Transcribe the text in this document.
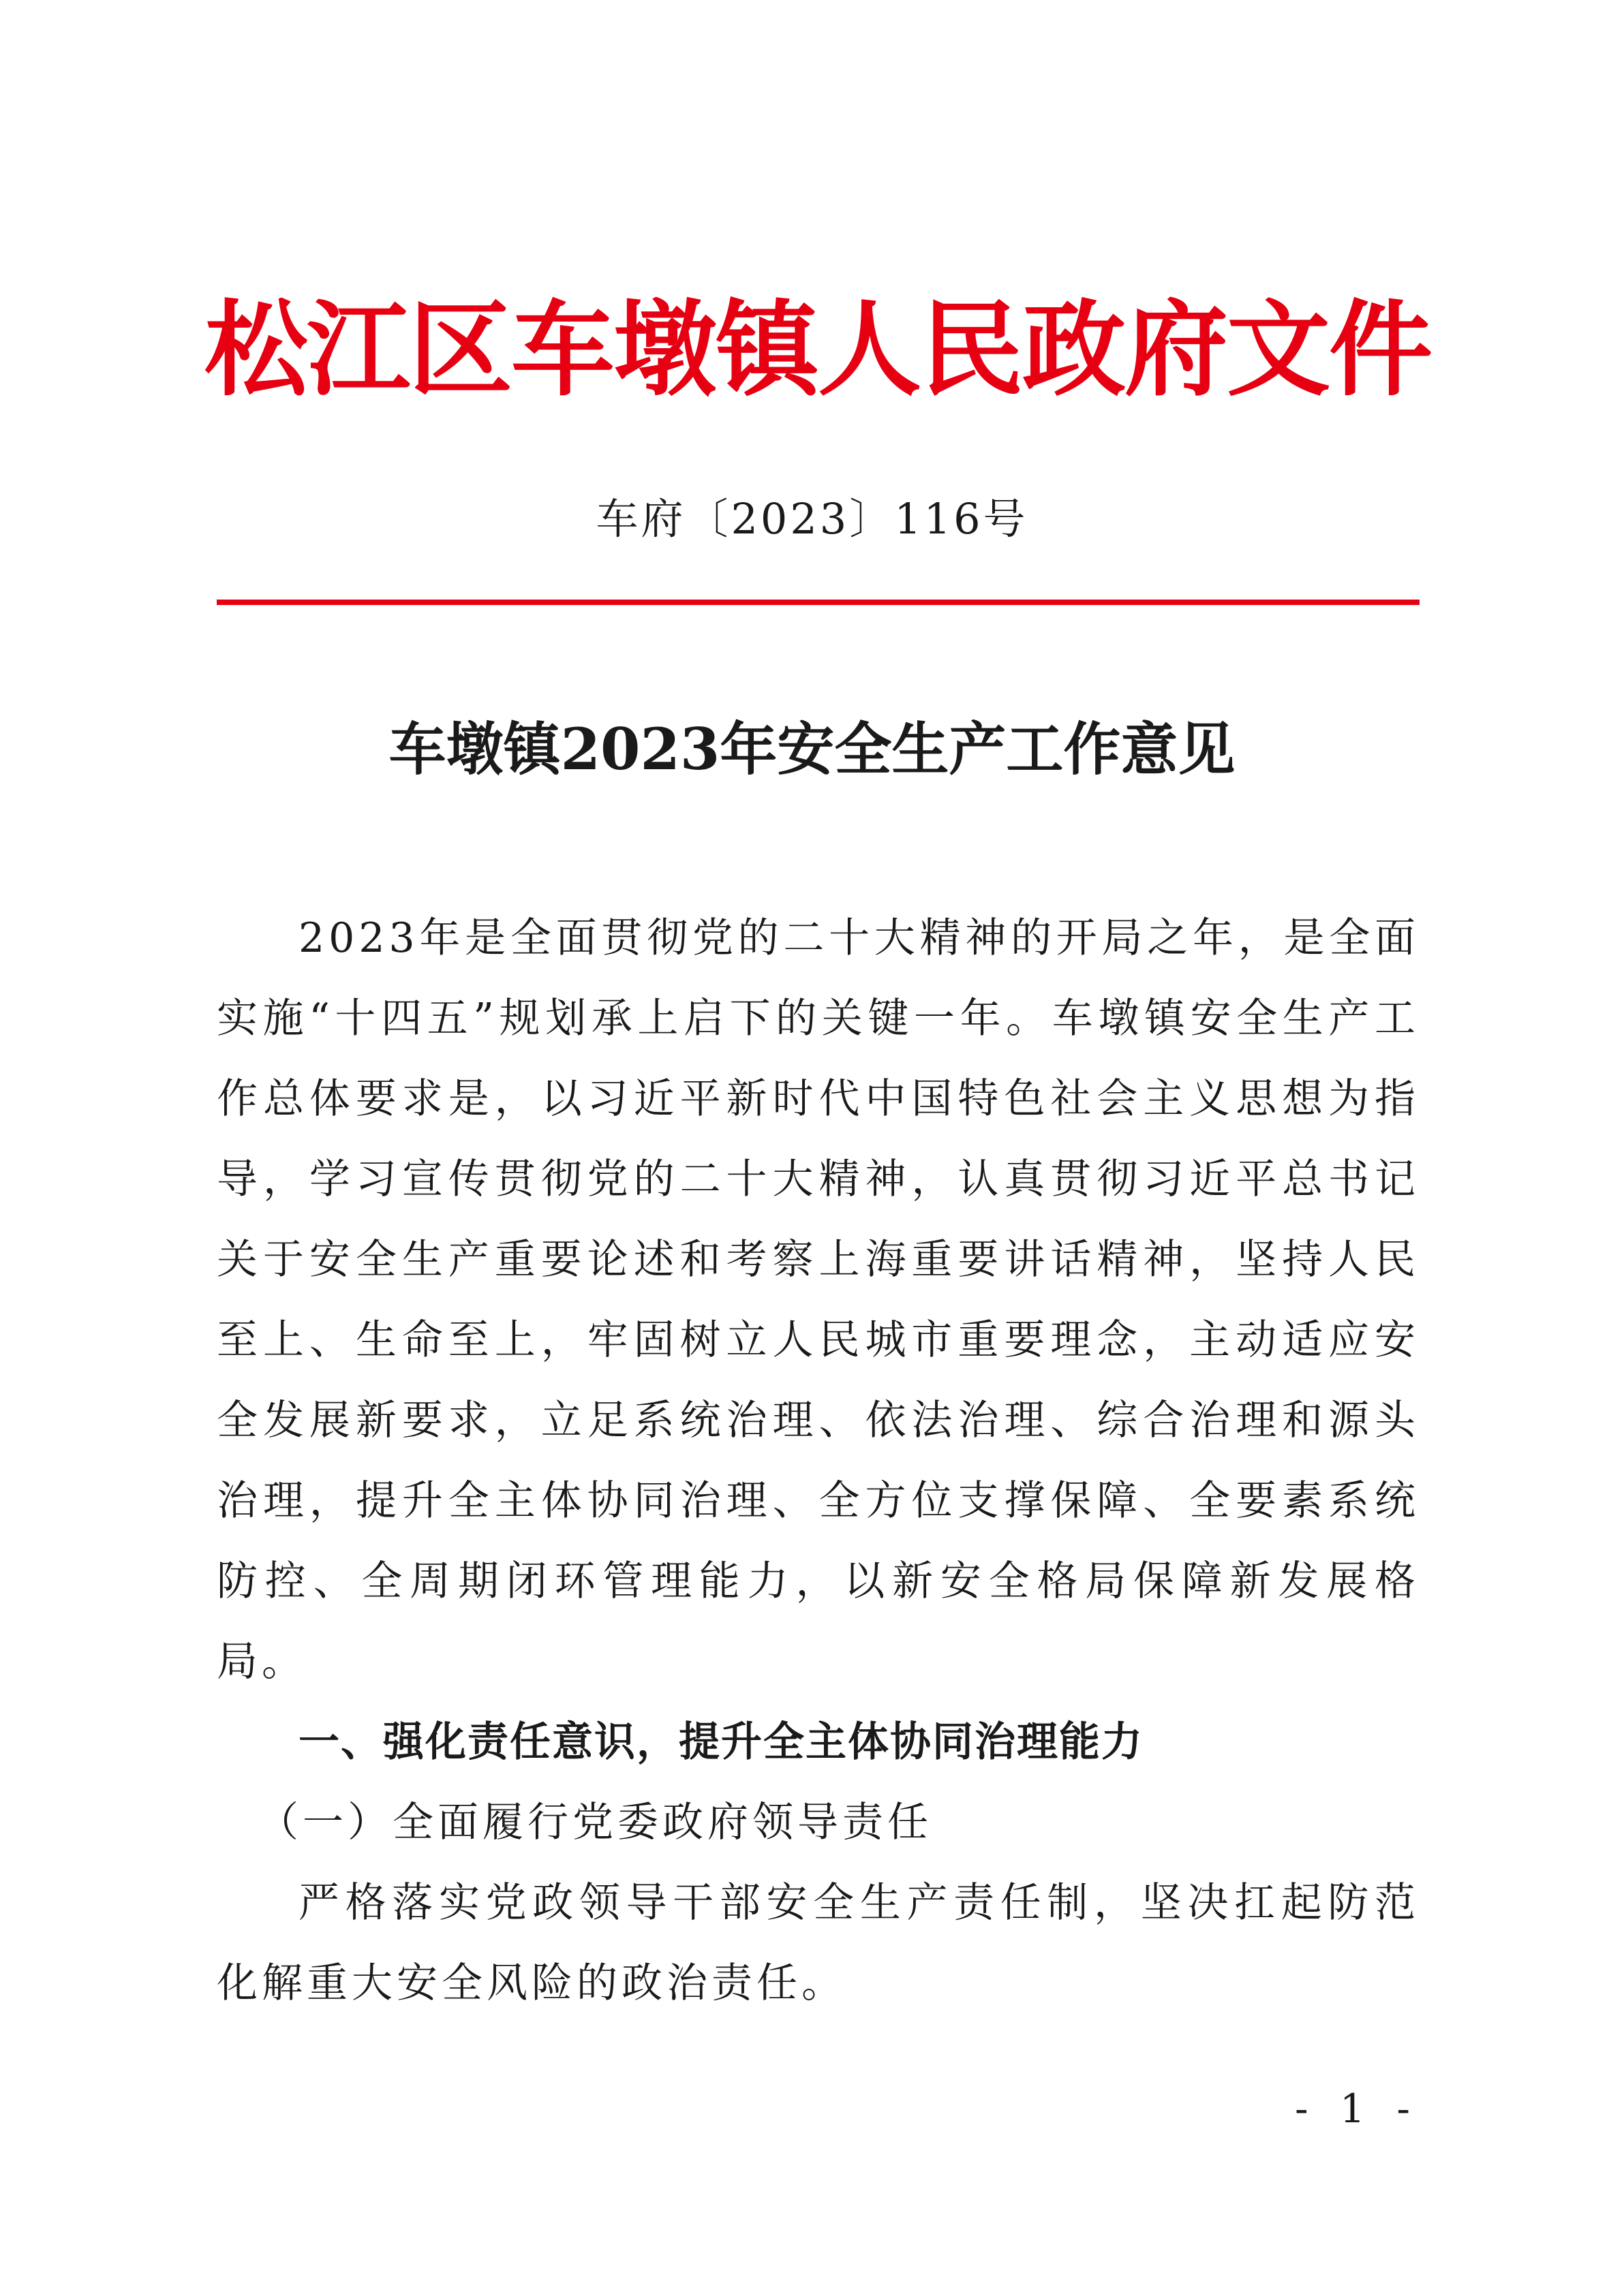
松江区车墩镇人民政府文件
车府〔2023〕116号
车墩镇2023年安全生产工作意见

2023年是全面贯彻党的二十大精神的开局之年，是全面实施“十四五”规划承上启下的关键一年。车墩镇安全生产工作总体要求是，以习近平新时代中国特色社会主义思想为指导，学习宣传贯彻党的二十大精神，认真贯彻习近平总书记关于安全生产重要论述和考察上海重要讲话精神，坚持人民至上、生命至上，牢固树立人民城市重要理念，主动适应安全发展新要求，立足系统治理、依法治理、综合治理和源头治理，提升全主体协同治理、全方位支撑保障、全要素系统防控、全周期闭环管理能力，以新安全格局保障新发展格局。

一、强化责任意识，提升全主体协同治理能力

（一）全面履行党委政府领导责任

严格落实党政领导干部安全生产责任制，坚决扛起防范化解重大安全风险的政治责任。

- 1 -
